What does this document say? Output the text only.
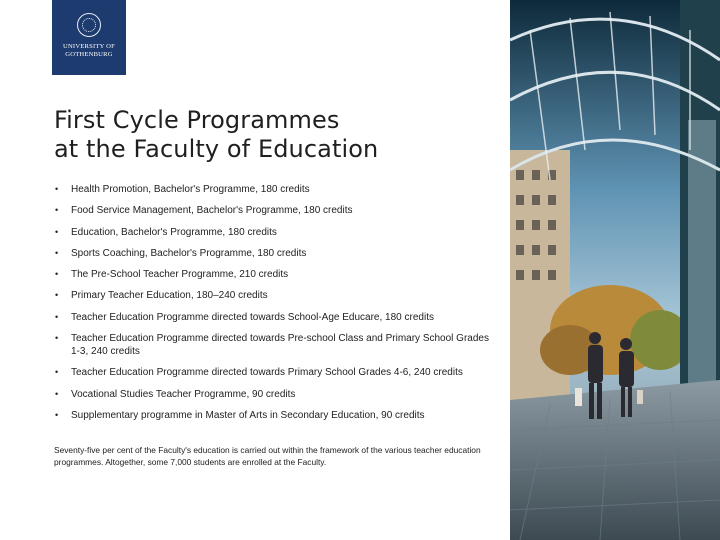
UNIVERSITY OF
GOTHENBURG
First Cycle Programmes
at the Faculty of Education
• Health Promotion, Bachelor's Programme, 180 credits
• Food Service Management, Bachelor's Programme, 180 credits
• Education, Bachelor's Programme, 180 credits
• Sports Coaching, Bachelor's Programme, 180 credits
• The Pre-School Teacher Programme, 210 credits
• Primary Teacher Education, 180–240 credits
• Teacher Education Programme directed towards School-Age Educare, 180 credits
• Teacher Education Programme directed towards Pre-school Class and Primary School Grades 1-3, 240 credits
• Teacher Education Programme directed towards Primary School Grades 4-6, 240 credits
• Vocational Studies Teacher Programme, 90 credits
• Supplementary programme in Master of Arts in Secondary Education, 90 credits

Seventy-five per cent of the Faculty's education is carried out within the framework of the various teacher education programmes. Altogether, some 7,000 students are enrolled at the Faculty.
